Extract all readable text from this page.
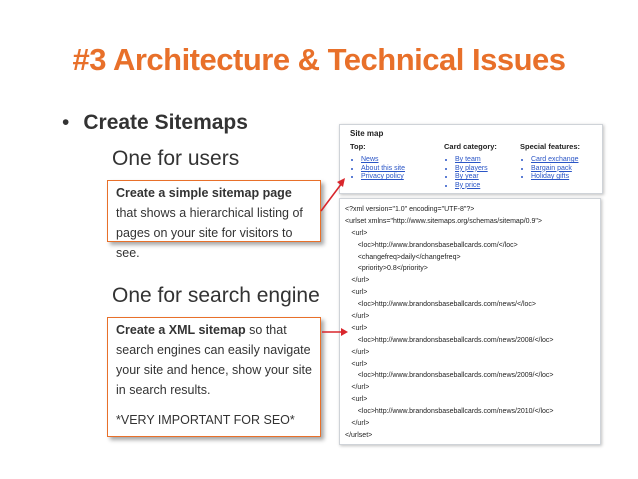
#3 Architecture & Technical Issues
• Create Sitemaps
One for users
Create a simple sitemap page that shows a hierarchical listing of pages on your site for visitors to see.
One for search engine
Create a XML sitemap so that search engines can easily navigate your site and hence, show your site in search results.
*VERY IMPORTANT FOR SEO*
Site map
Top:
• News
• About this site
• Privacy policy
Card category:
• By team
• By players
• By year
• By price
Special features:
• Card exchange
• Bargain pack
• Holiday gifts
<?xml version="1.0" encoding="UTF-8"?>
<urlset xmlns="http://www.sitemaps.org/schemas/sitemap/0.9">
<url>
<loc>http://www.brandonsbaseballcards.com/</loc>
<changefreq>daily</changefreq>
<priority>0.8</priority>
</url>
<url>
<loc>http://www.brandonsbaseballcards.com/news/</loc>
</url>
<url>
<loc>http://www.brandonsbaseballcards.com/news/2008/</loc>
</url>
<url>
<loc>http://www.brandonsbaseballcards.com/news/2009/</loc>
</url>
<url>
<loc>http://www.brandonsbaseballcards.com/news/2010/</loc>
</url>
</urlset>
